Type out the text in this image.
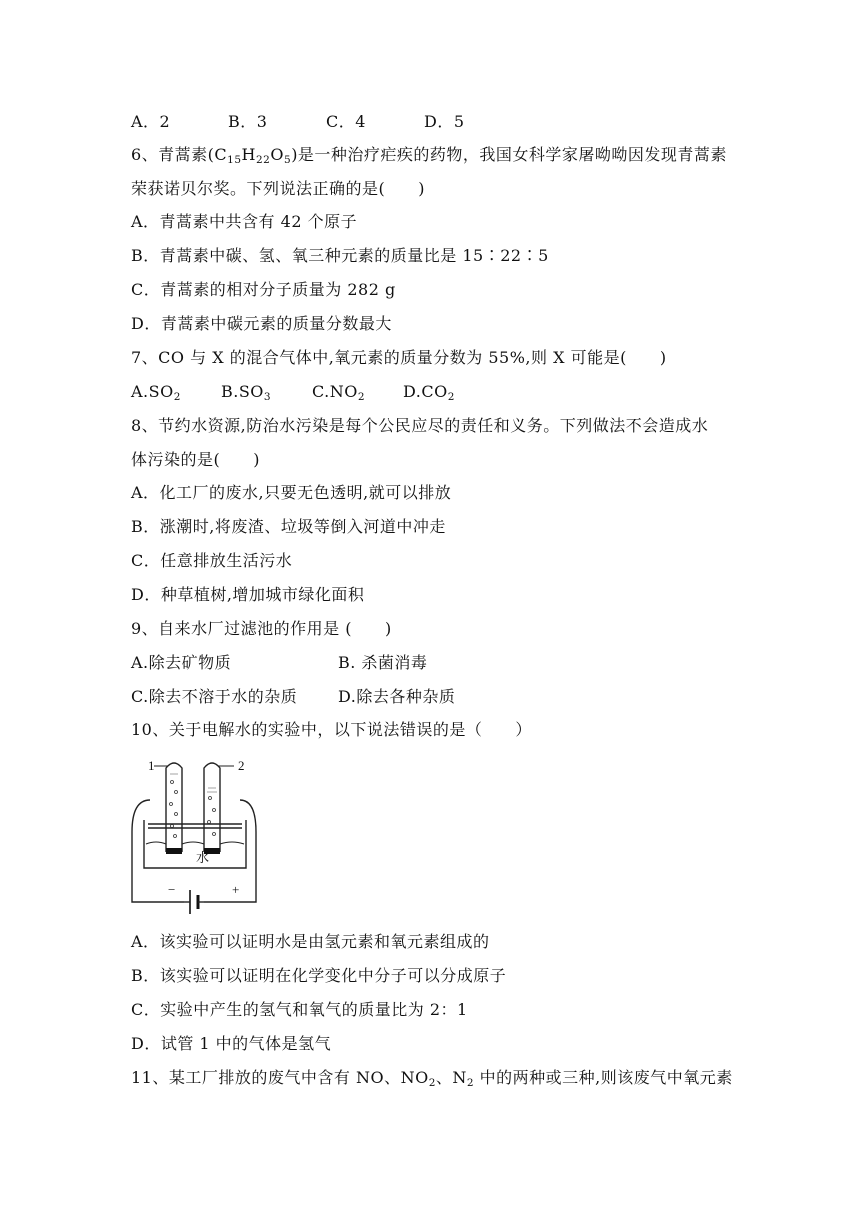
A．2	B．3	C．4	D．5
6、青蒿素$(C_{15}H_{22}O_5)$是一种治疗疟疾的药物，我国女科学家屠呦呦因发现青蒿素
荣获诺贝尔奖。下列说法正确的是(　　)
A．青蒿素中共含有 42 个原子
B．青蒿素中碳、氢、氧三种元素的质量比是 15∶22∶5
C．青蒿素的相对分子质量为 282 g
D．青蒿素中碳元素的质量分数最大
7、CO 与 X 的混合气体中,氧元素的质量分数为 55%,则 X 可能是(　　)
$A.SO_2$	$B.SO_3$	$C.NO_2$ $D.CO_2$
8、节约水资源,防治水污染是每个公民应尽的责任和义务。下列做法不会造成水
体污染的是(　　)
A．化工厂的废水,只要无色透明,就可以排放
B．涨潮时,将废渣、垃圾等倒入河道中冲走
C．任意排放生活污水
D．种草植树,增加城市绿化面积
9、自来水厂过滤池的作用是 (　　)
A.除去矿物质	B. 杀菌消毒
C.除去不溶于水的杂质	D.除去各种杂质
10、关于电解水的实验中，以下说法错误的是（　　）
1	2
水
−	+
A．该实验可以证明水是由氢元素和氧元素组成的
B．该实验可以证明在化学变化中分子可以分成原子
C．实验中产生的氢气和氧气的质量比为 2：1
D．试管 1 中的气体是氢气
11、某工厂排放的废气中含有 NO、$NO_2$、$N_2$ 中的两种或三种,则该废气中氧元素
